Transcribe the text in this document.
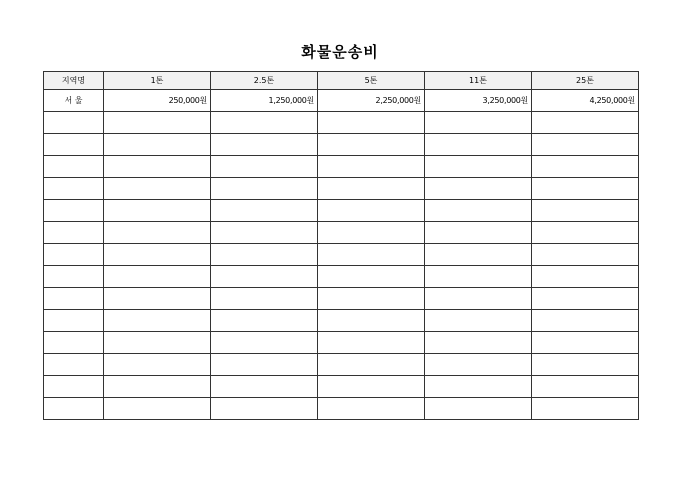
화물운송비
지역명	1톤	2.5톤	5톤	11톤	25톤
서 울	250,000원	1,250,000원	2,250,000원	3,250,000원	4,250,000원
